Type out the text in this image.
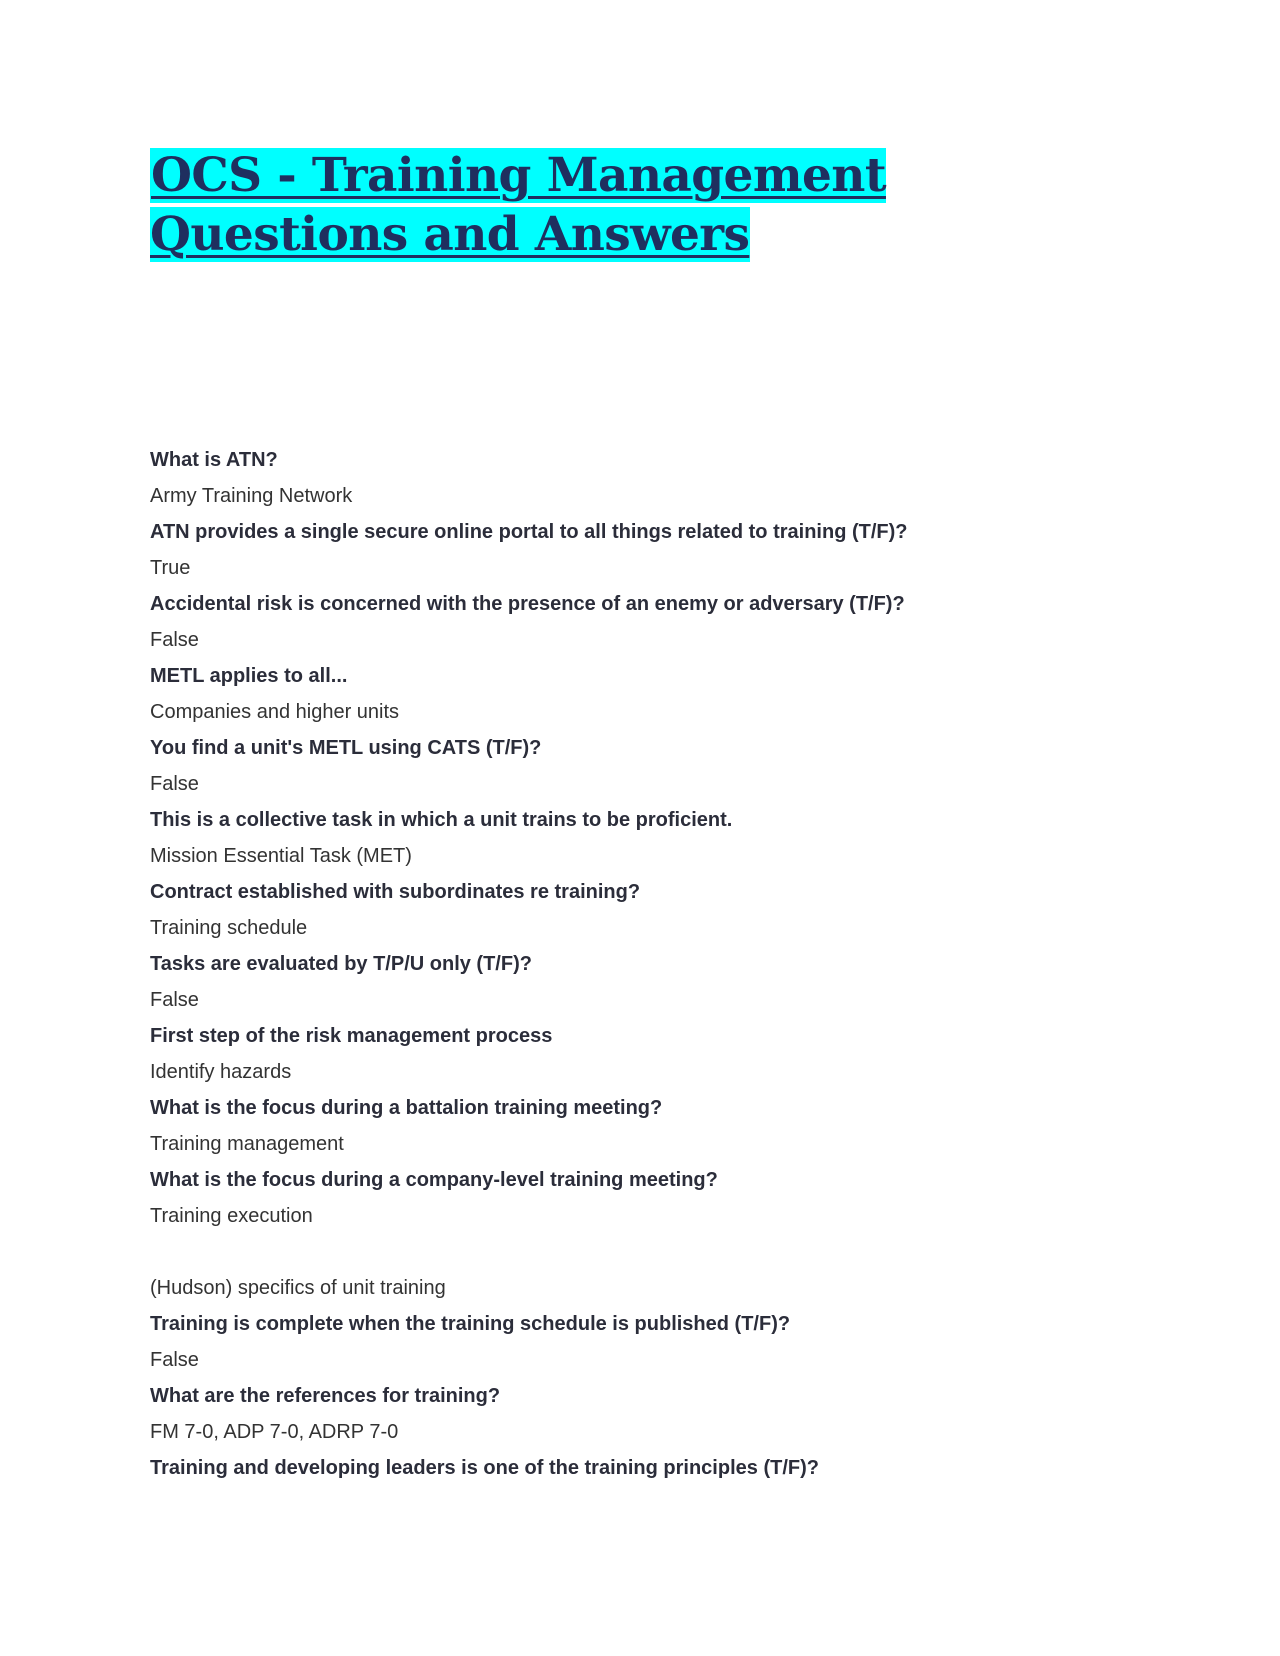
OCS - Training Management Questions and Answers
What is ATN?
Army Training Network
ATN provides a single secure online portal to all things related to training (T/F)?
True
Accidental risk is concerned with the presence of an enemy or adversary (T/F)?
False
METL applies to all...
Companies and higher units
You find a unit's METL using CATS (T/F)?
False
This is a collective task in which a unit trains to be proficient.
Mission Essential Task (MET)
Contract established with subordinates re training?
Training schedule
Tasks are evaluated by T/P/U only (T/F)?
False
First step of the risk management process
Identify hazards
What is the focus during a battalion training meeting?
Training management
What is the focus during a company-level training meeting?
Training execution
(Hudson) specifics of unit training
Training is complete when the training schedule is published (T/F)?
False
What are the references for training?
FM 7-0, ADP 7-0, ADRP 7-0
Training and developing leaders is one of the training principles (T/F)?
